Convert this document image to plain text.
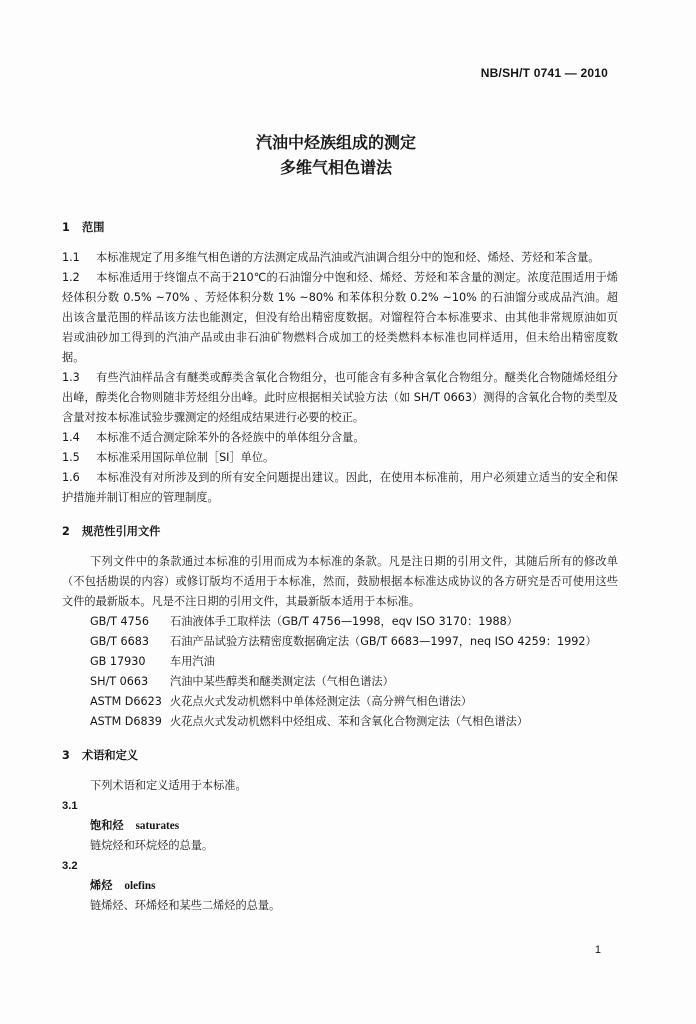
NB/SH/T 0741 — 2010
汽油中烃族组成的测定
多维气相色谱法
1 范围
1.1 本标准规定了用多维气相色谱的方法测定成品汽油或汽油调合组分中的饱和烃、烯烃、芳烃和苯含量。
1.2 本标准适用于终馏点不高于210℃的石油馏分中饱和烃、烯烃、芳烃和苯含量的测定。浓度范围适用于烯烃体积分数 0.5% ~70% 、芳烃体积分数 1% ~80% 和苯体积分数 0.2% ~10% 的石油馏分或成品汽油。超出该含量范围的样品该方法也能测定，但没有给出精密度数据。对馏程符合本标准要求、由其他非常规原油如页岩或油砂加工得到的汽油产品或由非石油矿物燃料合成加工的烃类燃料本标准也同样适用，但未给出精密度数据。
1.3 有些汽油样品含有醚类或醇类含氧化合物组分，也可能含有多种含氧化合物组分。醚类化合物随烯烃组分出峰，醇类化合物则随非芳烃组分出峰。此时应根据相关试验方法（如 SH/T 0663）测得的含氧化合物的类型及含量对按本标准试验步骤测定的烃组成结果进行必要的校正。
1.4 本标准不适合测定除苯外的各烃族中的单体组分含量。
1.5 本标准采用国际单位制［SI］单位。
1.6 本标准没有对所涉及到的所有安全问题提出建议。因此，在使用本标准前，用户必须建立适当的安全和保护措施并制订相应的管理制度。
2 规范性引用文件
下列文件中的条款通过本标准的引用而成为本标准的条款。凡是注日期的引用文件，其随后所有的修改单（不包括勘误的内容）或修订版均不适用于本标准，然而，鼓励根据本标准达成协议的各方研究是否可使用这些文件的最新版本。凡是不注日期的引用文件，其最新版本适用于本标准。
GB/T 4756	石油液体手工取样法（GB/T 4756—1998，eqv ISO 3170：1988）
GB/T 6683	石油产品试验方法精密度数据确定法（GB/T 6683—1997，neq ISO 4259：1992）
GB 17930	车用汽油
SH/T 0663	汽油中某些醇类和醚类测定法（气相色谱法）
ASTM D6623 火花点火式发动机燃料中单体烃测定法（高分辨气相色谱法）
ASTM D6839 火花点火式发动机燃料中烃组成、苯和含氧化合物测定法（气相色谱法）
3 术语和定义
下列术语和定义适用于本标准。
3.1
饱和烃 saturates
链烷烃和环烷烃的总量。
3.2
烯烃 olefins
链烯烃、环烯烃和某些二烯烃的总量。
1
